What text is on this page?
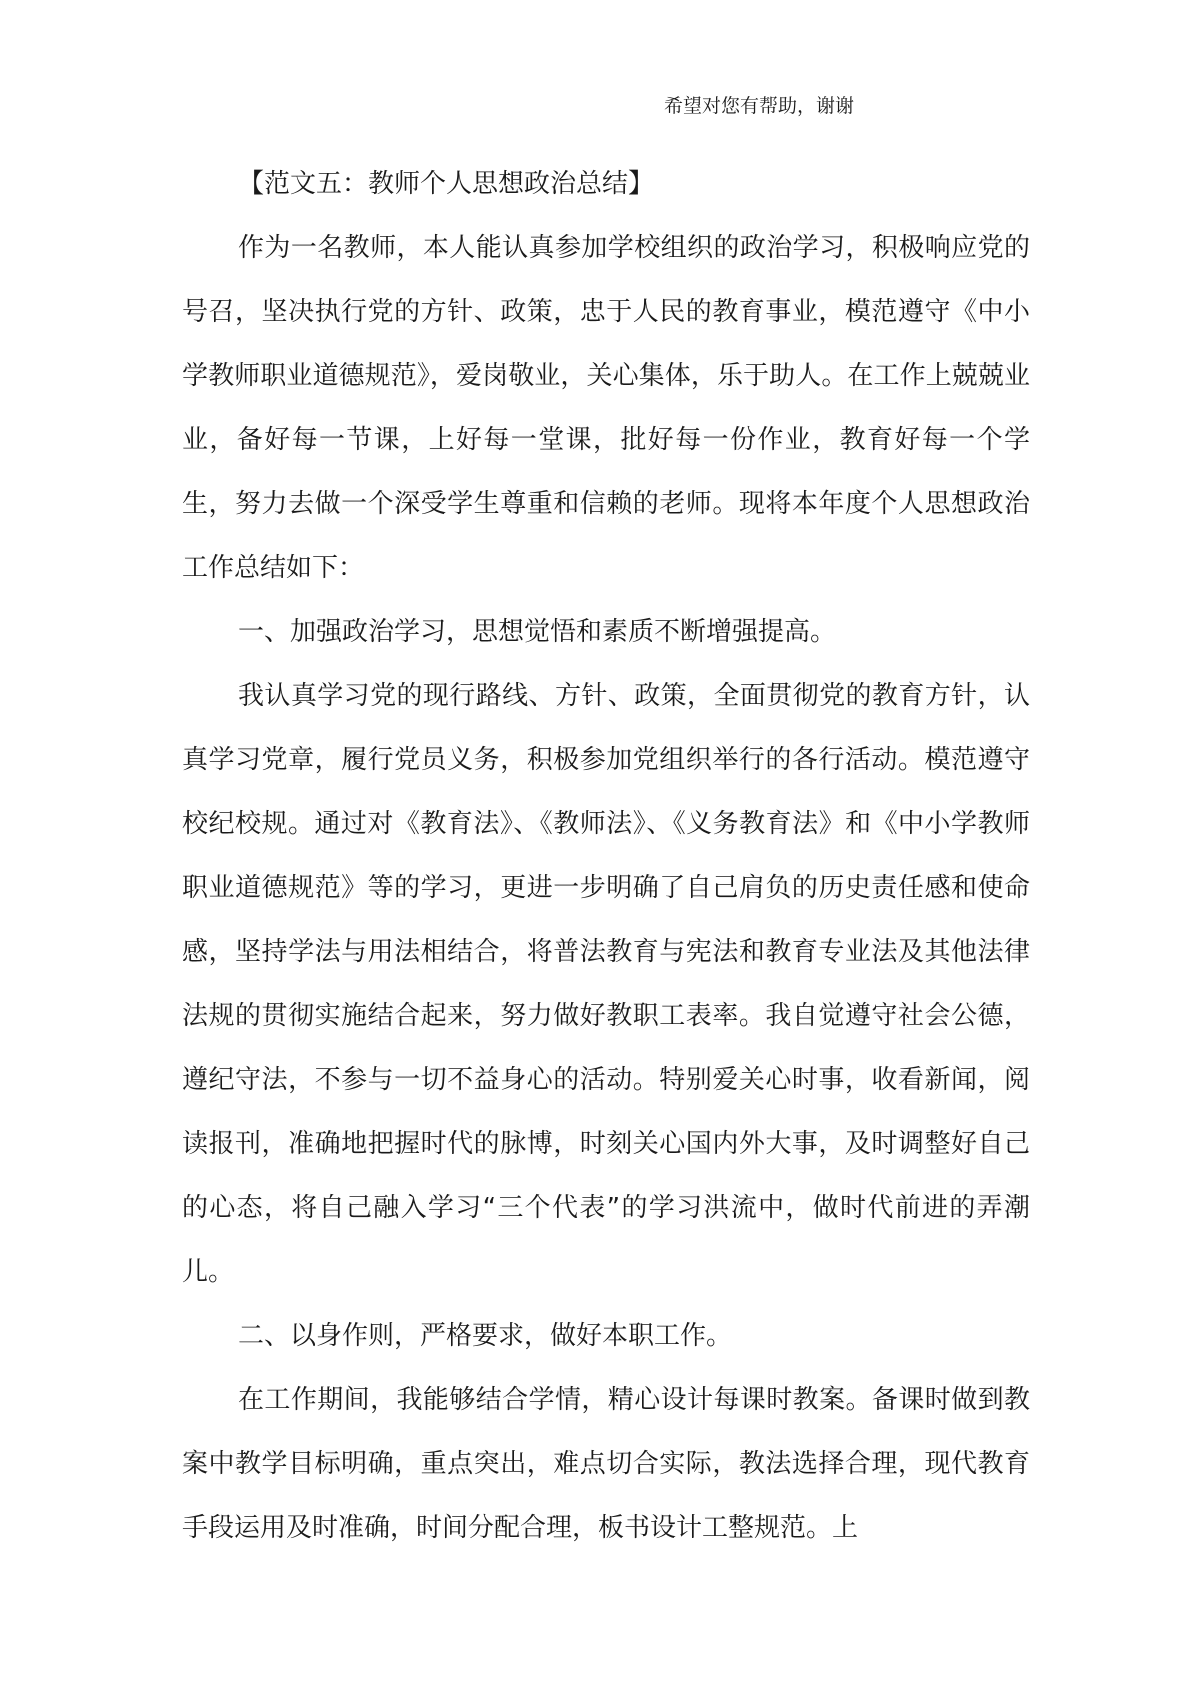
希望对您有帮助，谢谢

【范文五：教师个人思想政治总结】

作为一名教师，本人能认真参加学校组织的政治学习，积极响应党的号召，坚决执行党的方针、政策，忠于人民的教育事业，模范遵守《中小学教师职业道德规范》，爱岗敬业，关心集体，乐于助人。在工作上兢兢业业，备好每一节课，上好每一堂课，批好每一份作业，教育好每一个学生，努力去做一个深受学生尊重和信赖的老师。现将本年度个人思想政治工作总结如下：

一、加强政治学习，思想觉悟和素质不断增强提高。

我认真学习党的现行路线、方针、政策，全面贯彻党的教育方针，认真学习党章，履行党员义务，积极参加党组织举行的各行活动。模范遵守校纪校规。通过对《教育法》、《教师法》、《义务教育法》和《中小学教师职业道德规范》等的学习，更进一步明确了自己肩负的历史责任感和使命感，坚持学法与用法相结合，将普法教育与宪法和教育专业法及其他法律法规的贯彻实施结合起来，努力做好教职工表率。我自觉遵守社会公德，遵纪守法，不参与一切不益身心的活动。特别爱关心时事，收看新闻，阅读报刊，准确地把握时代的脉博，时刻关心国内外大事，及时调整好自己的心态，将自己融入学习“三个代表”的学习洪流中，做时代前进的弄潮儿。

二、以身作则，严格要求，做好本职工作。

在工作期间，我能够结合学情，精心设计每课时教案。备课时做到教案中教学目标明确，重点突出，难点切合实际，教法选择合理，现代教育手段运用及时准确，时间分配合理，板书设计工整规范。上
